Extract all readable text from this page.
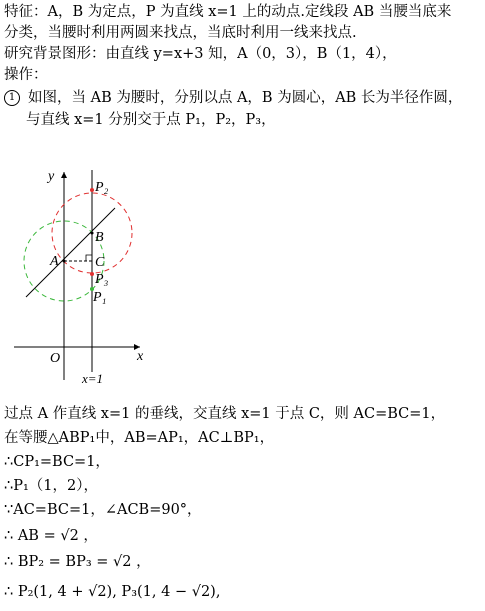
特征：A，B 为定点，P 为直线 x=1 上的动点.定线段 AB 当腰当底来
分类，当腰时利用两圆来找点，当底时利用一线来找点.
研究背景图形：由直线 y=x+3 知，A（0，3），B（1，4），
操作：
1 如图，当 AB 为腰时，分别以点 A，B 为圆心，AB 长为半径作圆，
与直线 x=1 分别交于点 P₁，P₂，P₃，
y
x
O
A
B
C
P₂
P₃
P₁
x=1
过点 A 作直线 x=1 的垂线，交直线 x=1 于点 C，则 AC=BC=1，
在等腰△ABP₁中，AB=AP₁，AC⊥BP₁，
∴CP₁=BC=1，
∴P₁（1，2），
∵AC=BC=1，∠ACB=90°，
∴ AB = √2 ，
∴ BP₂ = BP₃ = √2 ，
∴ P₂(1, 4 + √2), P₃(1, 4 − √2),
